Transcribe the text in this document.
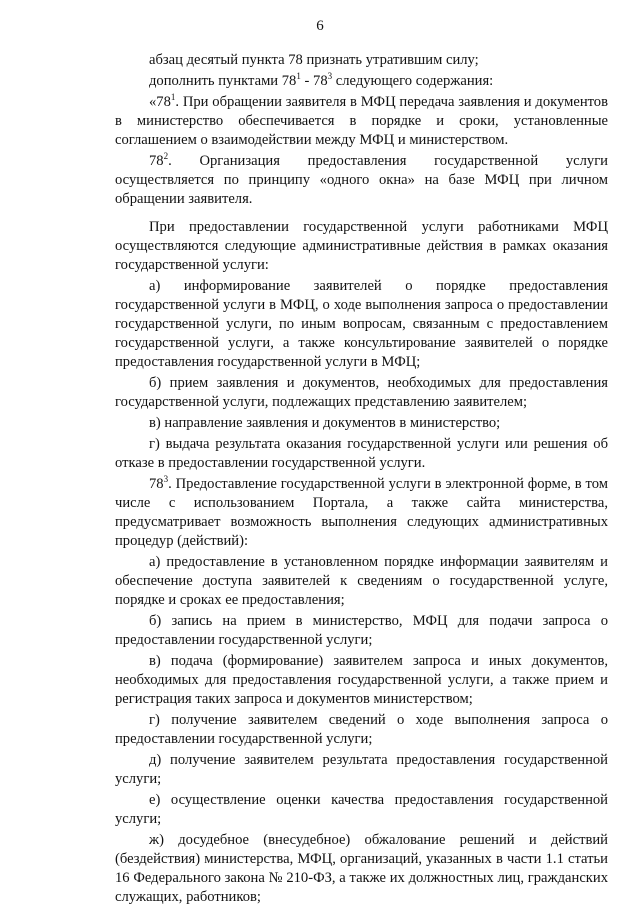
6

абзац десятый пункта 78 признать утратившим силу;

дополнить пунктами $78^1 - 78^3$ следующего содержания:

«$78^1$. При обращении заявителя в МФЦ передача заявления и документов в министерство обеспечивается в порядке и сроки, установленные соглашением о взаимодействии между МФЦ и министерством.

$78^2$. Организация предоставления государственной услуги осуществляется по принципу «одного окна» на базе МФЦ при личном обращении заявителя.

При предоставлении государственной услуги работниками МФЦ осуществляются следующие административные действия в рамках оказания государственной услуги:

а) информирование заявителей о порядке предоставления государственной услуги в МФЦ, о ходе выполнения запроса о предоставлении государственной услуги, по иным вопросам, связанным с предоставлением государственной услуги, а также консультирование заявителей о порядке предоставления государственной услуги в МФЦ;

б) прием заявления и документов, необходимых для предоставления государственной услуги, подлежащих представлению заявителем;

в) направление заявления и документов в министерство;

г) выдача результата оказания государственной услуги или решения об отказе в предоставлении государственной услуги.

$78^3$. Предоставление государственной услуги в электронной форме, в том числе с использованием Портала, а также сайта министерства, предусматривает возможность выполнения следующих административных процедур (действий):

а) предоставление в установленном порядке информации заявителям и обеспечение доступа заявителей к сведениям о государственной услуге, порядке и сроках ее предоставления;

б) запись на прием в министерство, МФЦ для подачи запроса о предоставлении государственной услуги;

в) подача (формирование) заявителем запроса и иных документов, необходимых для предоставления государственной услуги, а также прием и регистрация таких запроса и документов министерством;

г) получение заявителем сведений о ходе выполнения запроса о предоставлении государственной услуги;

д) получение заявителем результата предоставления государственной услуги;

е) осуществление оценки качества предоставления государственной услуги;

ж) досудебное (внесудебное) обжалование решений и действий (бездействия) министерства, МФЦ, организаций, указанных в части 1.1 статьи 16 Федерального закона № 210-ФЗ, а также их должностных лиц, гражданских служащих, работников;
